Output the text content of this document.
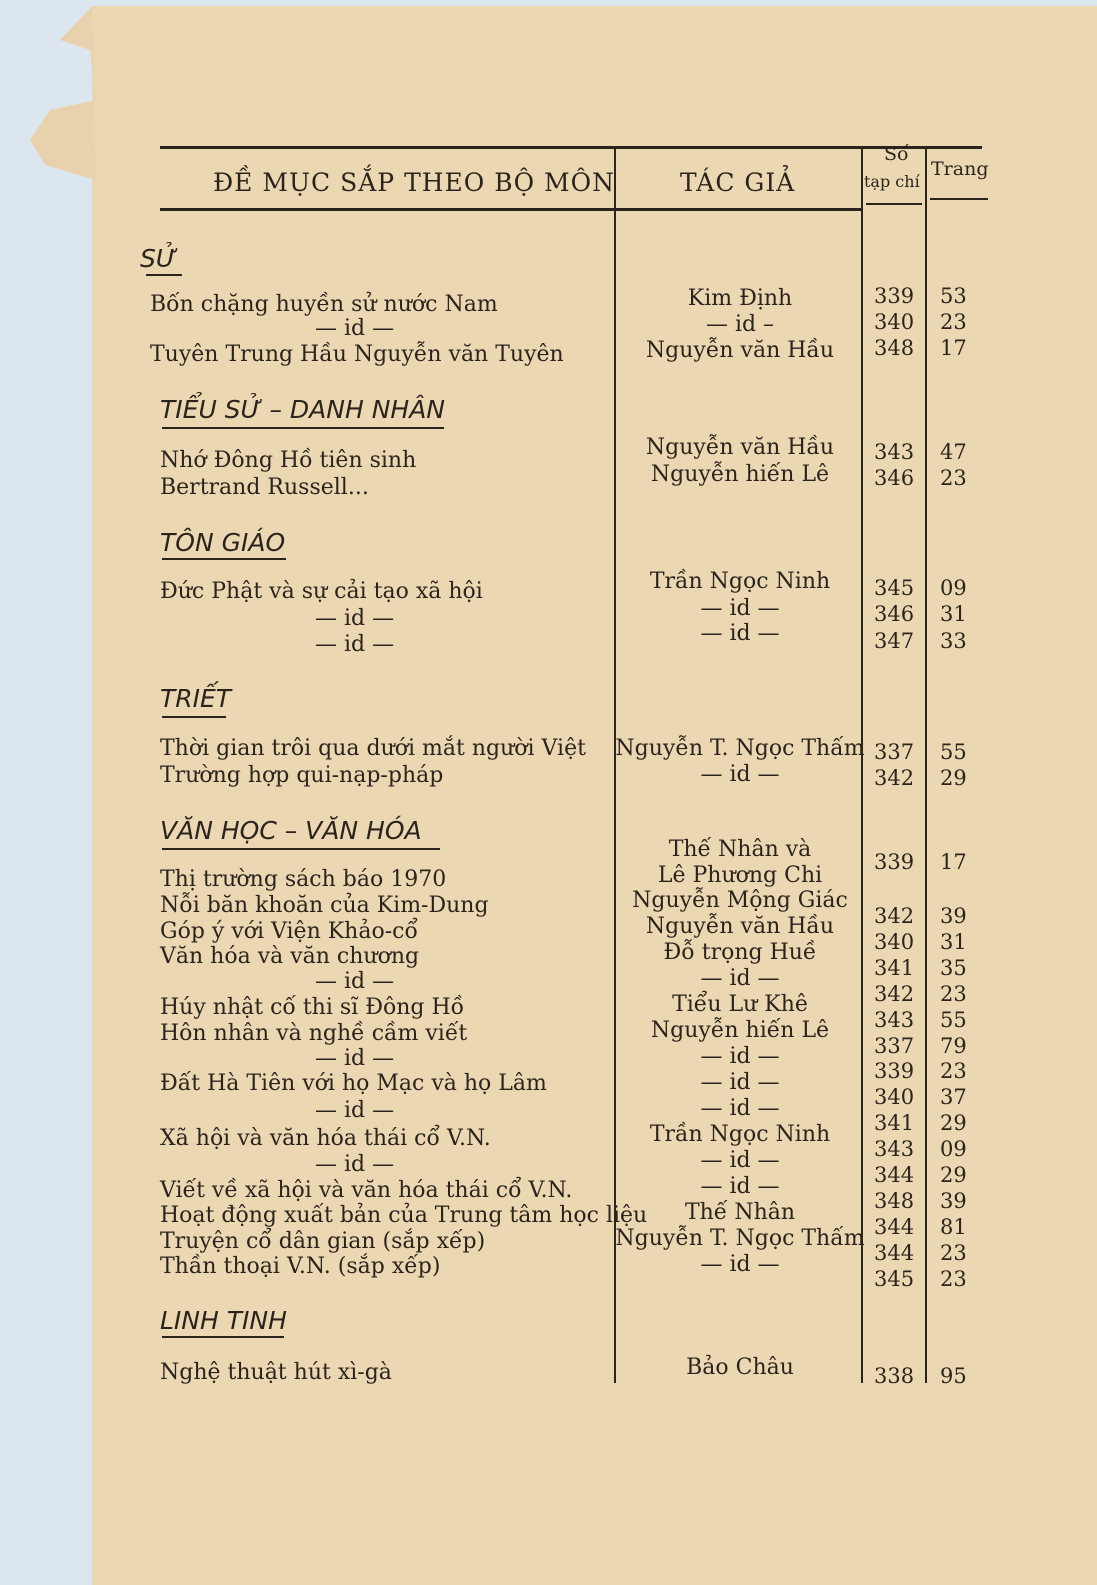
ĐỀ MỤC SẮP THEO BỘ MÔN	TÁC GIẢ
Số
tạp chí
Trang
SỬ
TIỂU SỬ – DANH NHÂN
TÔN GIÁO
TRIẾT
VĂN HỌC – VĂN HÓA
LINH TINH
Bốn chặng huyền sử nước Nam
— id —
Tuyên Trung Hầu Nguyễn văn Tuyên
Nhớ Đông Hồ tiên sinh
Bertrand Russell...
Đức Phật và sự cải tạo xã hội
— id —
— id —
Thời gian trôi qua dưới mắt người Việt
Trường hợp qui-nạp-pháp
Thị trường sách báo 1970
Nỗi băn khoăn của Kim-Dung
Góp ý với Viện Khảo-cổ
Văn hóa và văn chương
— id —
Húy nhật cố thi sĩ Đông Hồ
Hôn nhân và nghề cầm viết
— id —
Đất Hà Tiên với họ Mạc và họ Lâm
— id —
Xã hội và văn hóa thái cổ V.N.
— id —
Viết về xã hội và văn hóa thái cổ V.N.
Hoạt động xuất bản của Trung tâm học liệu
Truyện cổ dân gian (sắp xếp)
Thần thoại V.N. (sắp xếp)
Nghệ thuật hút xì-gà
Kim Định
— id –
Nguyễn văn Hầu
Nguyễn văn Hầu
Nguyễn hiến Lê
Trần Ngọc Ninh
— id —
— id —
Nguyễn T. Ngọc Thấm
— id —
Thế Nhân và
Lê Phương Chi
Nguyễn Mộng Giác
Nguyễn văn Hầu
Đỗ trọng Huề
— id —
Tiểu Lư Khê
Nguyễn hiến Lê
— id —
— id —
— id —
Trần Ngọc Ninh
— id —
— id —
Thế Nhân
Nguyễn T. Ngọc Thấm
— id —
Bảo Châu
339
340
348
343
346
345
346
347
337
342
339
342
340
341
342
343
337
339
340
341
343
344
348
344
344
345
338
53
23
17
47
23
09
31
33
55
29
17
39
31
35
23
55
79
23
37
29
09
29
39
81
23
23
95
